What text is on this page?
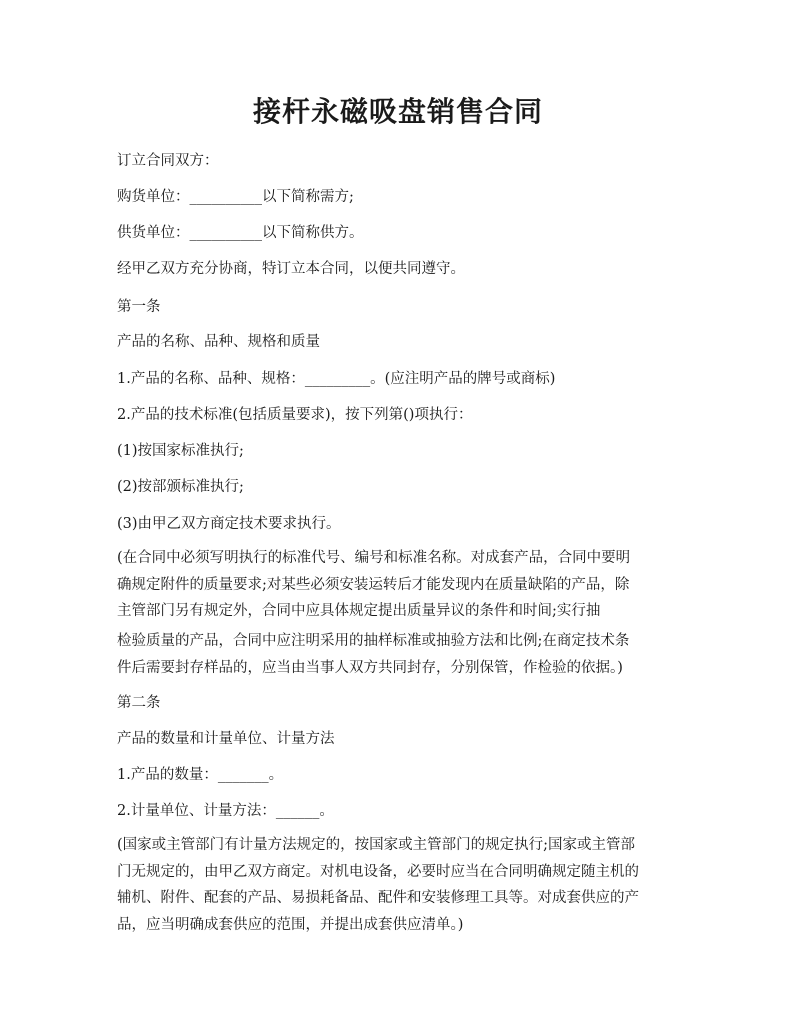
接杆永磁吸盘销售合同
订立合同双方：
购货单位：__________以下简称需方;
供货单位：__________以下简称供方。
经甲乙双方充分协商，特订立本合同，以便共同遵守。
第一条
产品的名称、品种、规格和质量
1.产品的名称、品种、规格：_________。(应注明产品的牌号或商标)
2.产品的技术标准(包括质量要求)，按下列第()项执行：
(1)按国家标准执行;
(2)按部颁标准执行;
(3)由甲乙双方商定技术要求执行。
(在合同中必须写明执行的标准代号、编号和标准名称。对成套产品，合同中要明
确规定附件的质量要求;对某些必须安装运转后才能发现内在质量缺陷的产品，除
主管部门另有规定外，合同中应具体规定提出质量异议的条件和时间;实行抽
检验质量的产品，合同中应注明采用的抽样标准或抽验方法和比例;在商定技术条
件后需要封存样品的，应当由当事人双方共同封存，分别保管，作检验的依据。)
第二条
产品的数量和计量单位、计量方法
1.产品的数量：_______。
2.计量单位、计量方法：______。
(国家或主管部门有计量方法规定的，按国家或主管部门的规定执行;国家或主管部
门无规定的，由甲乙双方商定。对机电设备，必要时应当在合同明确规定随主机的
辅机、附件、配套的产品、易损耗备品、配件和安装修理工具等。对成套供应的产
品，应当明确成套供应的范围，并提出成套供应清单。)
